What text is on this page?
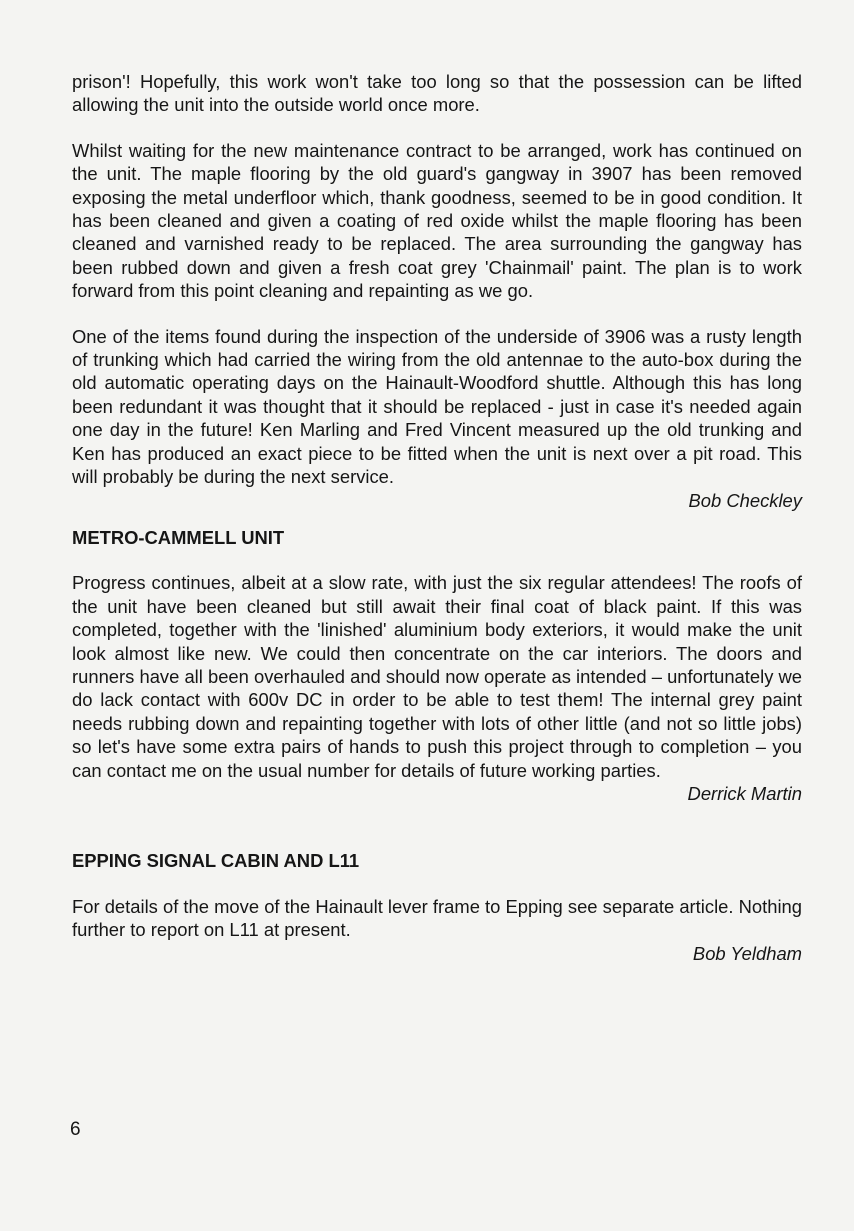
prison'! Hopefully, this work won't take too long so that the possession can be lifted allowing the unit into the outside world once more.

Whilst waiting for the new maintenance contract to be arranged, work has continued on the unit. The maple flooring by the old guard's gangway in 3907 has been removed exposing the metal underfloor which, thank goodness, seemed to be in good condition. It has been cleaned and given a coating of red oxide whilst the maple flooring has been cleaned and varnished ready to be replaced. The area surrounding the gangway has been rubbed down and given a fresh coat grey 'Chainmail' paint. The plan is to work forward from this point cleaning and repainting as we go.

One of the items found during the inspection of the underside of 3906 was a rusty length of trunking which had carried the wiring from the old antennae to the auto-box during the old automatic operating days on the Hainault-Woodford shuttle. Although this has long been redundant it was thought that it should be replaced - just in case it's needed again one day in the future! Ken Marling and Fred Vincent measured up the old trunking and Ken has produced an exact piece to be fitted when the unit is next over a pit road. This will probably be during the next service.

Bob Checkley

METRO-CAMMELL UNIT

Progress continues, albeit at a slow rate, with just the six regular attendees! The roofs of the unit have been cleaned but still await their final coat of black paint. If this was completed, together with the 'linished' aluminium body exteriors, it would make the unit look almost like new. We could then concentrate on the car interiors. The doors and runners have all been overhauled and should now operate as intended – unfortunately we do lack contact with 600v DC in order to be able to test them! The internal grey paint needs rubbing down and repainting together with lots of other little (and not so little jobs) so let's have some extra pairs of hands to push this project through to completion – you can contact me on the usual number for details of future working parties.

Derrick Martin

EPPING SIGNAL CABIN AND L11

For details of the move of the Hainault lever frame to Epping see separate article. Nothing further to report on L11 at present.

Bob Yeldham

6
